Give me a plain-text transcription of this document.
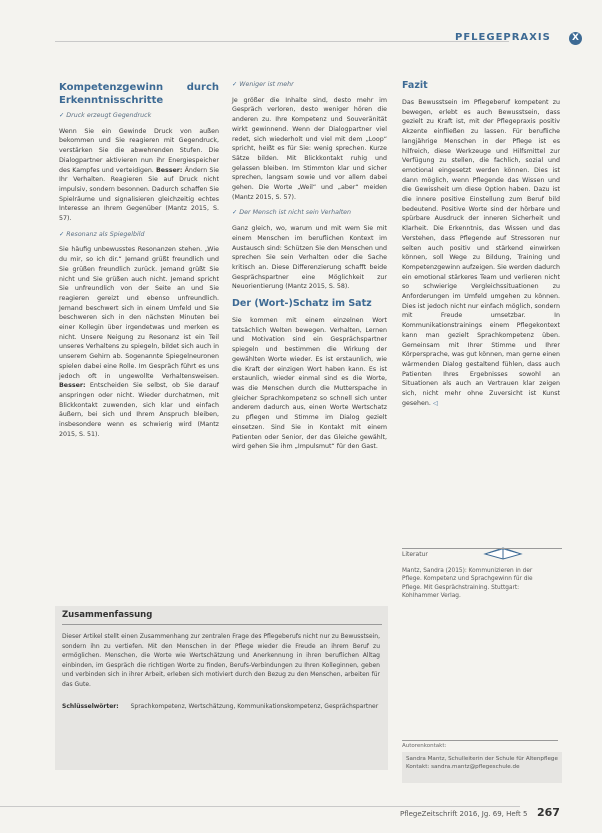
PFLEGEPRAXIS	X
Kompetenzgewinn durch Erkenntnisschritte
✓ Druck erzeugt Gegendruck

Wenn Sie ein Gewinde Druck von außen bekommen und Sie reagieren mit Gegendruck, verstärken Sie die abwehrenden Stufen. Die Dialogpartner aktivieren nun ihr Energiespeicher des Kampfes und verteidigen. Besser: Ändern Sie Ihr Verhalten. Reagieren Sie auf Druck nicht impulsiv, sondern besonnen. Dadurch schaffen Sie Spielräume und signalisieren gleichzeitig echtes Interesse an Ihrem Gegenüber (Mantz 2015, S. 57).

✓ Resonanz als Spiegelbild

Sie häufig unbewusstes Resonanzen stehen. „Wie du mir, so ich dir.“ Jemand grüßt freundlich und Sie grüßen freundlich zurück. Jemand grüßt Sie nicht und Sie grüßen auch nicht. Jemand spricht Sie unfreundlich von der Seite an und Sie reagieren gereizt und ebenso unfreundlich. Jemand beschwert sich in einem Umfeld und Sie beschweren sich in den nächsten Minuten bei einer Kollegin über irgendetwas und merken es nicht. Unsere Neigung zu Resonanz ist ein Teil unseres Verhaltens zu spiegeln, bildet sich auch in unserem Gehirn ab. Sogenannte Spiegelneuronen spielen dabei eine Rolle. Im Gespräch führt es uns jedoch oft in ungewollte Verhaltensweisen. Besser: Entscheiden Sie selbst, ob Sie darauf anspringen oder nicht. Wieder durchatmen, mit Blickkontakt zuwenden, sich klar und einfach äußern, bei sich und Ihrem Anspruch bleiben, insbesondere wenn es schwierig wird (Mantz 2015, S. 51).

✓ Weniger ist mehr

Je größer die Inhalte sind, desto mehr im Gespräch verloren, desto weniger hören die anderen zu. Ihre Kompetenz und Souveränität wirkt gewinnend. Wenn der Dialogpartner viel redet, sich wiederholt und viel mit dem „Loop“ spricht, heißt es für Sie: wenig sprechen. Kurze Sätze bilden. Mit Blickkontakt ruhig und gelassen bleiben. Im Stimmton klar und sicher sprechen, langsam sowie und vor allem dabei gehen. Die Worte „Weil“ und „aber“ meiden (Mantz 2015, S. 57).

✓ Der Mensch ist nicht sein Verhalten

Ganz gleich, wo, warum und mit wem Sie mit einem Menschen im beruflichen Kontext im Austausch sind: Schützen Sie den Menschen und sprechen Sie sein Verhalten oder die Sache kritisch an. Diese Differenzierung schafft beide Gesprächspartner eine Möglichkeit zur Neuorientierung (Mantz 2015, S. 58).

Der (Wort-)Schatz im Satz

Sie kommen mit einem einzelnen Wort tatsächlich Welten bewegen. Verhalten, Lernen und Motivation sind ein Gesprächspartner spiegeln und bestimmen die Wirkung der gewählten Worte wieder. Es ist erstaunlich, wie die Kraft der einzigen Wort haben kann. Es ist erstaunlich, wieder einmal sind es die Worte, was die Menschen durch die Mutterspache in gleicher Sprachkompetenz so schnell sich unter anderem dadurch aus, einen Worte Wertschatz zu pflegen und Stimme im Dialog gezielt einsetzen. Sind Sie in Kontakt mit einem Patienten oder Senior, der das Gleiche gewählt, wird gehen Sie ihm „Impulsmut“ für den Gast.

Fazit

Das Bewusstsein im Pflegeberuf kompetent zu bewegen, erlebt es auch Bewusstsein, dass gezielt zu Kraft ist, mit der Pflegepraxis positiv Akzente einfließen zu lassen. Für berufliche langjährige Menschen in der Pflege ist es hilfreich, diese Werkzeuge und Hilfsmittel zur Verfügung zu stellen, die fachlich, sozial und emotional eingesetzt werden können. Dies ist dann möglich, wenn Pflegende das Wissen und die Gewissheit um diese Option haben. Dazu ist die innere positive Einstellung zum Beruf bild bedeutend. Positive Worte sind der hörbare und spürbare Ausdruck der inneren Sicherheit und Klarheit. Die Erkenntnis, das Wissen und das Verstehen, dass Pflegende auf Stressoren nur selten auch positiv und stärkend einwirken können, soll Wege zu Bildung, Training und Kompetenzgewinn aufzeigen. Sie werden dadurch ein emotional stärkeres Team und verlieren nicht so schwierige Vergleichssituationen zu Anforderungen im Umfeld umgehen zu können. Dies ist jedoch nicht nur einfach möglich, sondern mit Freude umsetzbar. In Kommunikationstrainings einem Pflegekontext kann man gezielt Sprachkompetenz üben. Gemeinsam mit Ihrer Stimme und Ihrer Körpersprache, was gut können, man gerne einen wärmenden Dialog gestaltend fühlen, dass auch Patienten Ihres Ergebnisses sowohl an Situationen als auch an Vertrauen klar zeigen sich, nicht mehr ohne Zuversicht ist Kunst gesehen. ◁

Literatur
Mantz, Sandra (2015): Kommunizieren in der Pflege. Kompetenz und Sprachgewinn für die Pflege. Mit Gesprächstraining. Stuttgart: Kohlhammer Verlag.
Zusammenfassung
Dieser Artikel stellt einen Zusammenhang zur zentralen Frage des Pflegeberufs nicht nur zu Bewusstsein, sondern ihn zu vertiefen. Mit den Menschen in der Pflege wieder die Freude an ihrem Beruf zu ermöglichen. Menschen, die Worte wie Wertschätzung und Anerkennung in ihren beruflichen Alltag einbinden, im Gespräch die richtigen Worte zu finden, Berufs-Verbindungen zu Ihren Kolleginnen, geben und verbinden sich in ihrer Arbeit, erleben sich motiviert durch den Bezug zu den Menschen, arbeiten für das Gute.
Schlüsselwörter: Sprachkompetenz, Wertschätzung, Kommunikationskompetenz, Gesprächspartner
Autorenkontakt:
Sandra Mantz, Schulleiterin der Schule für Altenpflege
Kontakt: sandra.mantz@pflegeschule.de
PflegeZeitschrift 2016, Jg. 69, Heft 5 267
